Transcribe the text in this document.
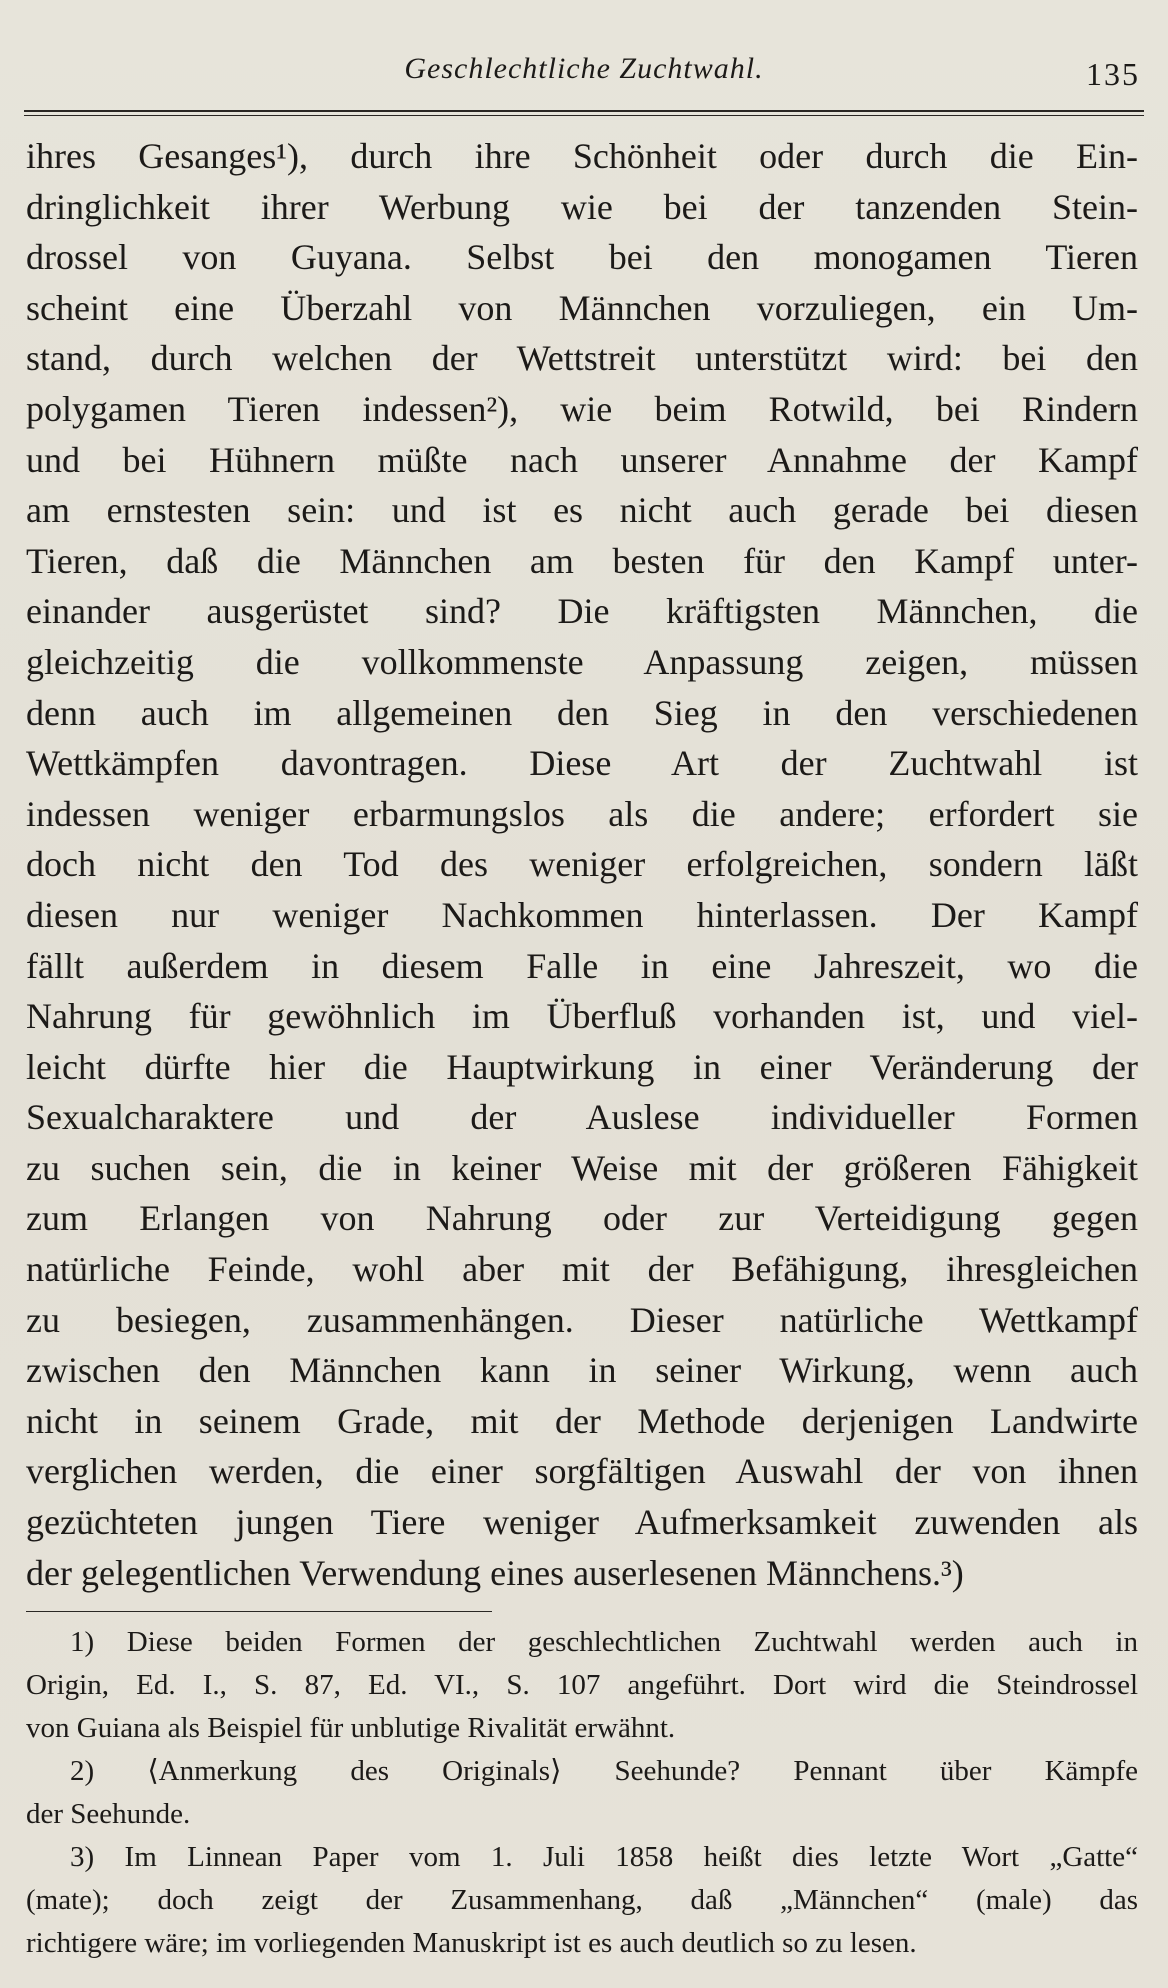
Geschlechtliche Zuchtwahl.	135
ihres Gesanges¹), durch ihre Schönheit oder durch die Ein-
dringlichkeit ihrer Werbung wie bei der tanzenden Stein-
drossel von Guyana. Selbst bei den monogamen Tieren
scheint eine Überzahl von Männchen vorzuliegen, ein Um-
stand, durch welchen der Wettstreit unterstützt wird: bei den
polygamen Tieren indessen²), wie beim Rotwild, bei Rindern
und bei Hühnern müßte nach unserer Annahme der Kampf
am ernstesten sein: und ist es nicht auch gerade bei diesen
Tieren, daß die Männchen am besten für den Kampf unter-
einander ausgerüstet sind? Die kräftigsten Männchen, die
gleichzeitig die vollkommenste Anpassung zeigen, müssen
denn auch im allgemeinen den Sieg in den verschiedenen
Wettkämpfen davontragen. Diese Art der Zuchtwahl ist
indessen weniger erbarmungslos als die andere; erfordert sie
doch nicht den Tod des weniger erfolgreichen, sondern läßt
diesen nur weniger Nachkommen hinterlassen. Der Kampf
fällt außerdem in diesem Falle in eine Jahreszeit, wo die
Nahrung für gewöhnlich im Überfluß vorhanden ist, und viel-
leicht dürfte hier die Hauptwirkung in einer Veränderung der
Sexualcharaktere und der Auslese individueller Formen
zu suchen sein, die in keiner Weise mit der größeren Fähigkeit
zum Erlangen von Nahrung oder zur Verteidigung gegen
natürliche Feinde, wohl aber mit der Befähigung, ihresgleichen
zu besiegen, zusammenhängen. Dieser natürliche Wettkampf
zwischen den Männchen kann in seiner Wirkung, wenn auch
nicht in seinem Grade, mit der Methode derjenigen Landwirte
verglichen werden, die einer sorgfältigen Auswahl der von ihnen
gezüchteten jungen Tiere weniger Aufmerksamkeit zuwenden als
der gelegentlichen Verwendung eines auserlesenen Männchens.³)
1) Diese beiden Formen der geschlechtlichen Zuchtwahl werden auch in
Origin, Ed. I., S. 87, Ed. VI., S. 107 angeführt. Dort wird die Steindrossel
von Guiana als Beispiel für unblutige Rivalität erwähnt.
2) ⟨Anmerkung des Originals⟩ Seehunde? Pennant über Kämpfe
der Seehunde.
3) Im Linnean Paper vom 1. Juli 1858 heißt dies letzte Wort „Gatte“
(mate); doch zeigt der Zusammenhang, daß „Männchen“ (male) das
richtigere wäre; im vorliegenden Manuskript ist es auch deutlich so zu lesen.
